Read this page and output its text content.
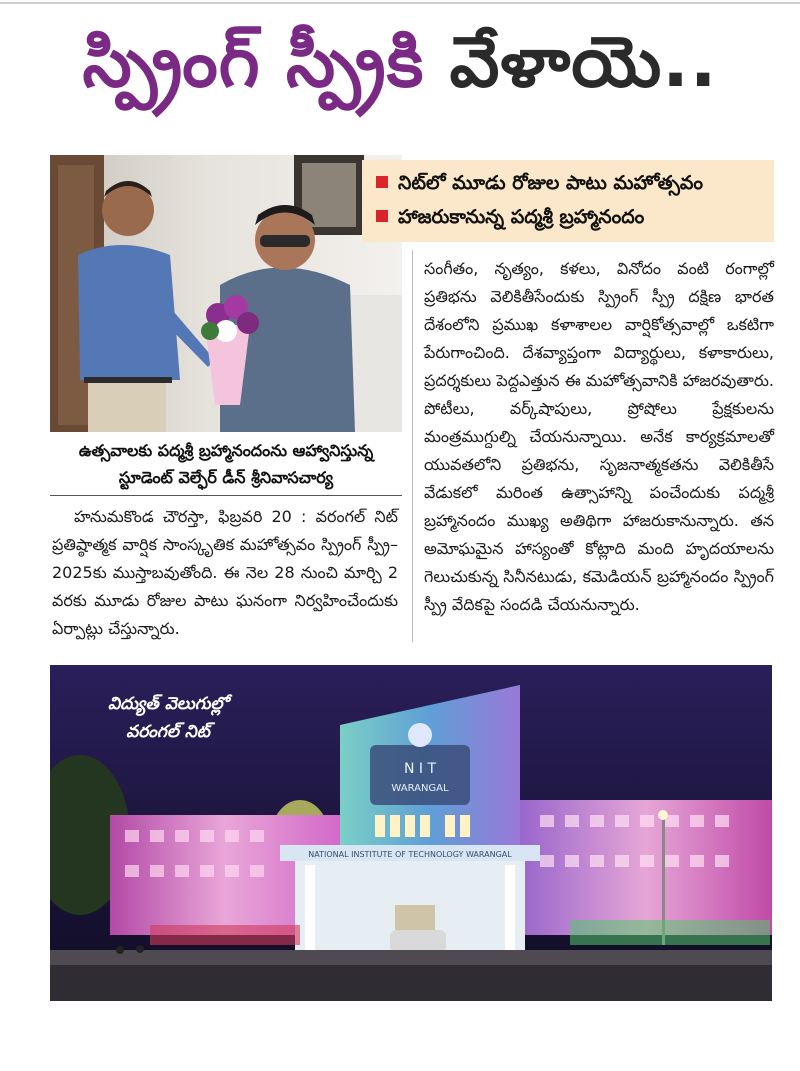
స్ప్రింగ్ స్ప్రీకి వేళాయె..
నిట్‌లో మూడు రోజుల పాటు మహోత్సవం
హాజరుకానున్న పద్మశ్రీ బ్రహ్మానందం
ఉత్సవాలకు పద్మశ్రీ బ్రహ్మానందంను ఆహ్వానిస్తున్న
స్టూడెంట్ వెల్ఫేర్ డీన్ శ్రీనివాసచార్య
హనుమకొండ చౌరస్తా, ఫిబ్రవరి 20 : వరంగల్ నిట్ ప్రతిష్ఠాత్మక వార్షిక సాంస్కృతిక మహోత్సవం స్ప్రింగ్ స్ప్రీ–2025కు ముస్తాబవుతోంది. ఈ నెల 28 నుంచి మార్చి 2 వరకు మూడు రోజుల పాటు ఘనంగా నిర్వహించేందుకు ఏర్పాట్లు చేస్తున్నారు.
సంగీతం, నృత్యం, కళలు, వినోదం వంటి రంగాల్లో ప్రతిభను వెలికితీసేందుకు స్ప్రింగ్ స్ప్రీ దక్షిణ భారత దేశంలోని ప్రముఖ కళాశాలల వార్షికోత్సవాల్లో ఒకటిగా పేరుగాంచింది. దేశవ్యాప్తంగా విద్యార్థులు, కళాకారులు, ప్రదర్శకులు పెద్దఎత్తున ఈ మహోత్సవానికి హాజరవుతారు. పోటీలు, వర్క్‌షాపులు, ప్రోషోలు ప్రేక్షకులను మంత్రముగ్దుల్ని చేయనున్నాయి. అనేక కార్యక్రమాలతో యువతలోని ప్రతిభను, సృజనాత్మకతను వెలికితీసే వేడుకలో మరింత ఉత్సాహాన్ని పంచేందుకు పద్మశ్రీ బ్రహ్మానందం ముఖ్య అతిథిగా హాజరుకానున్నారు. తన అమోఘమైన హాస్యంతో కోట్లాది మంది హృదయాలను గెలుచుకున్న సినీనటుడు, కమెడియన్ బ్రహ్మానందం స్ప్రింగ్ స్ప్రీ వేదికపై సందడి చేయనున్నారు.
N I T
WARANGAL
NATIONAL INSTITUTE OF TECHNOLOGY WARANGAL
విద్యుత్ వెలుగుల్లో
వరంగల్ నిట్
